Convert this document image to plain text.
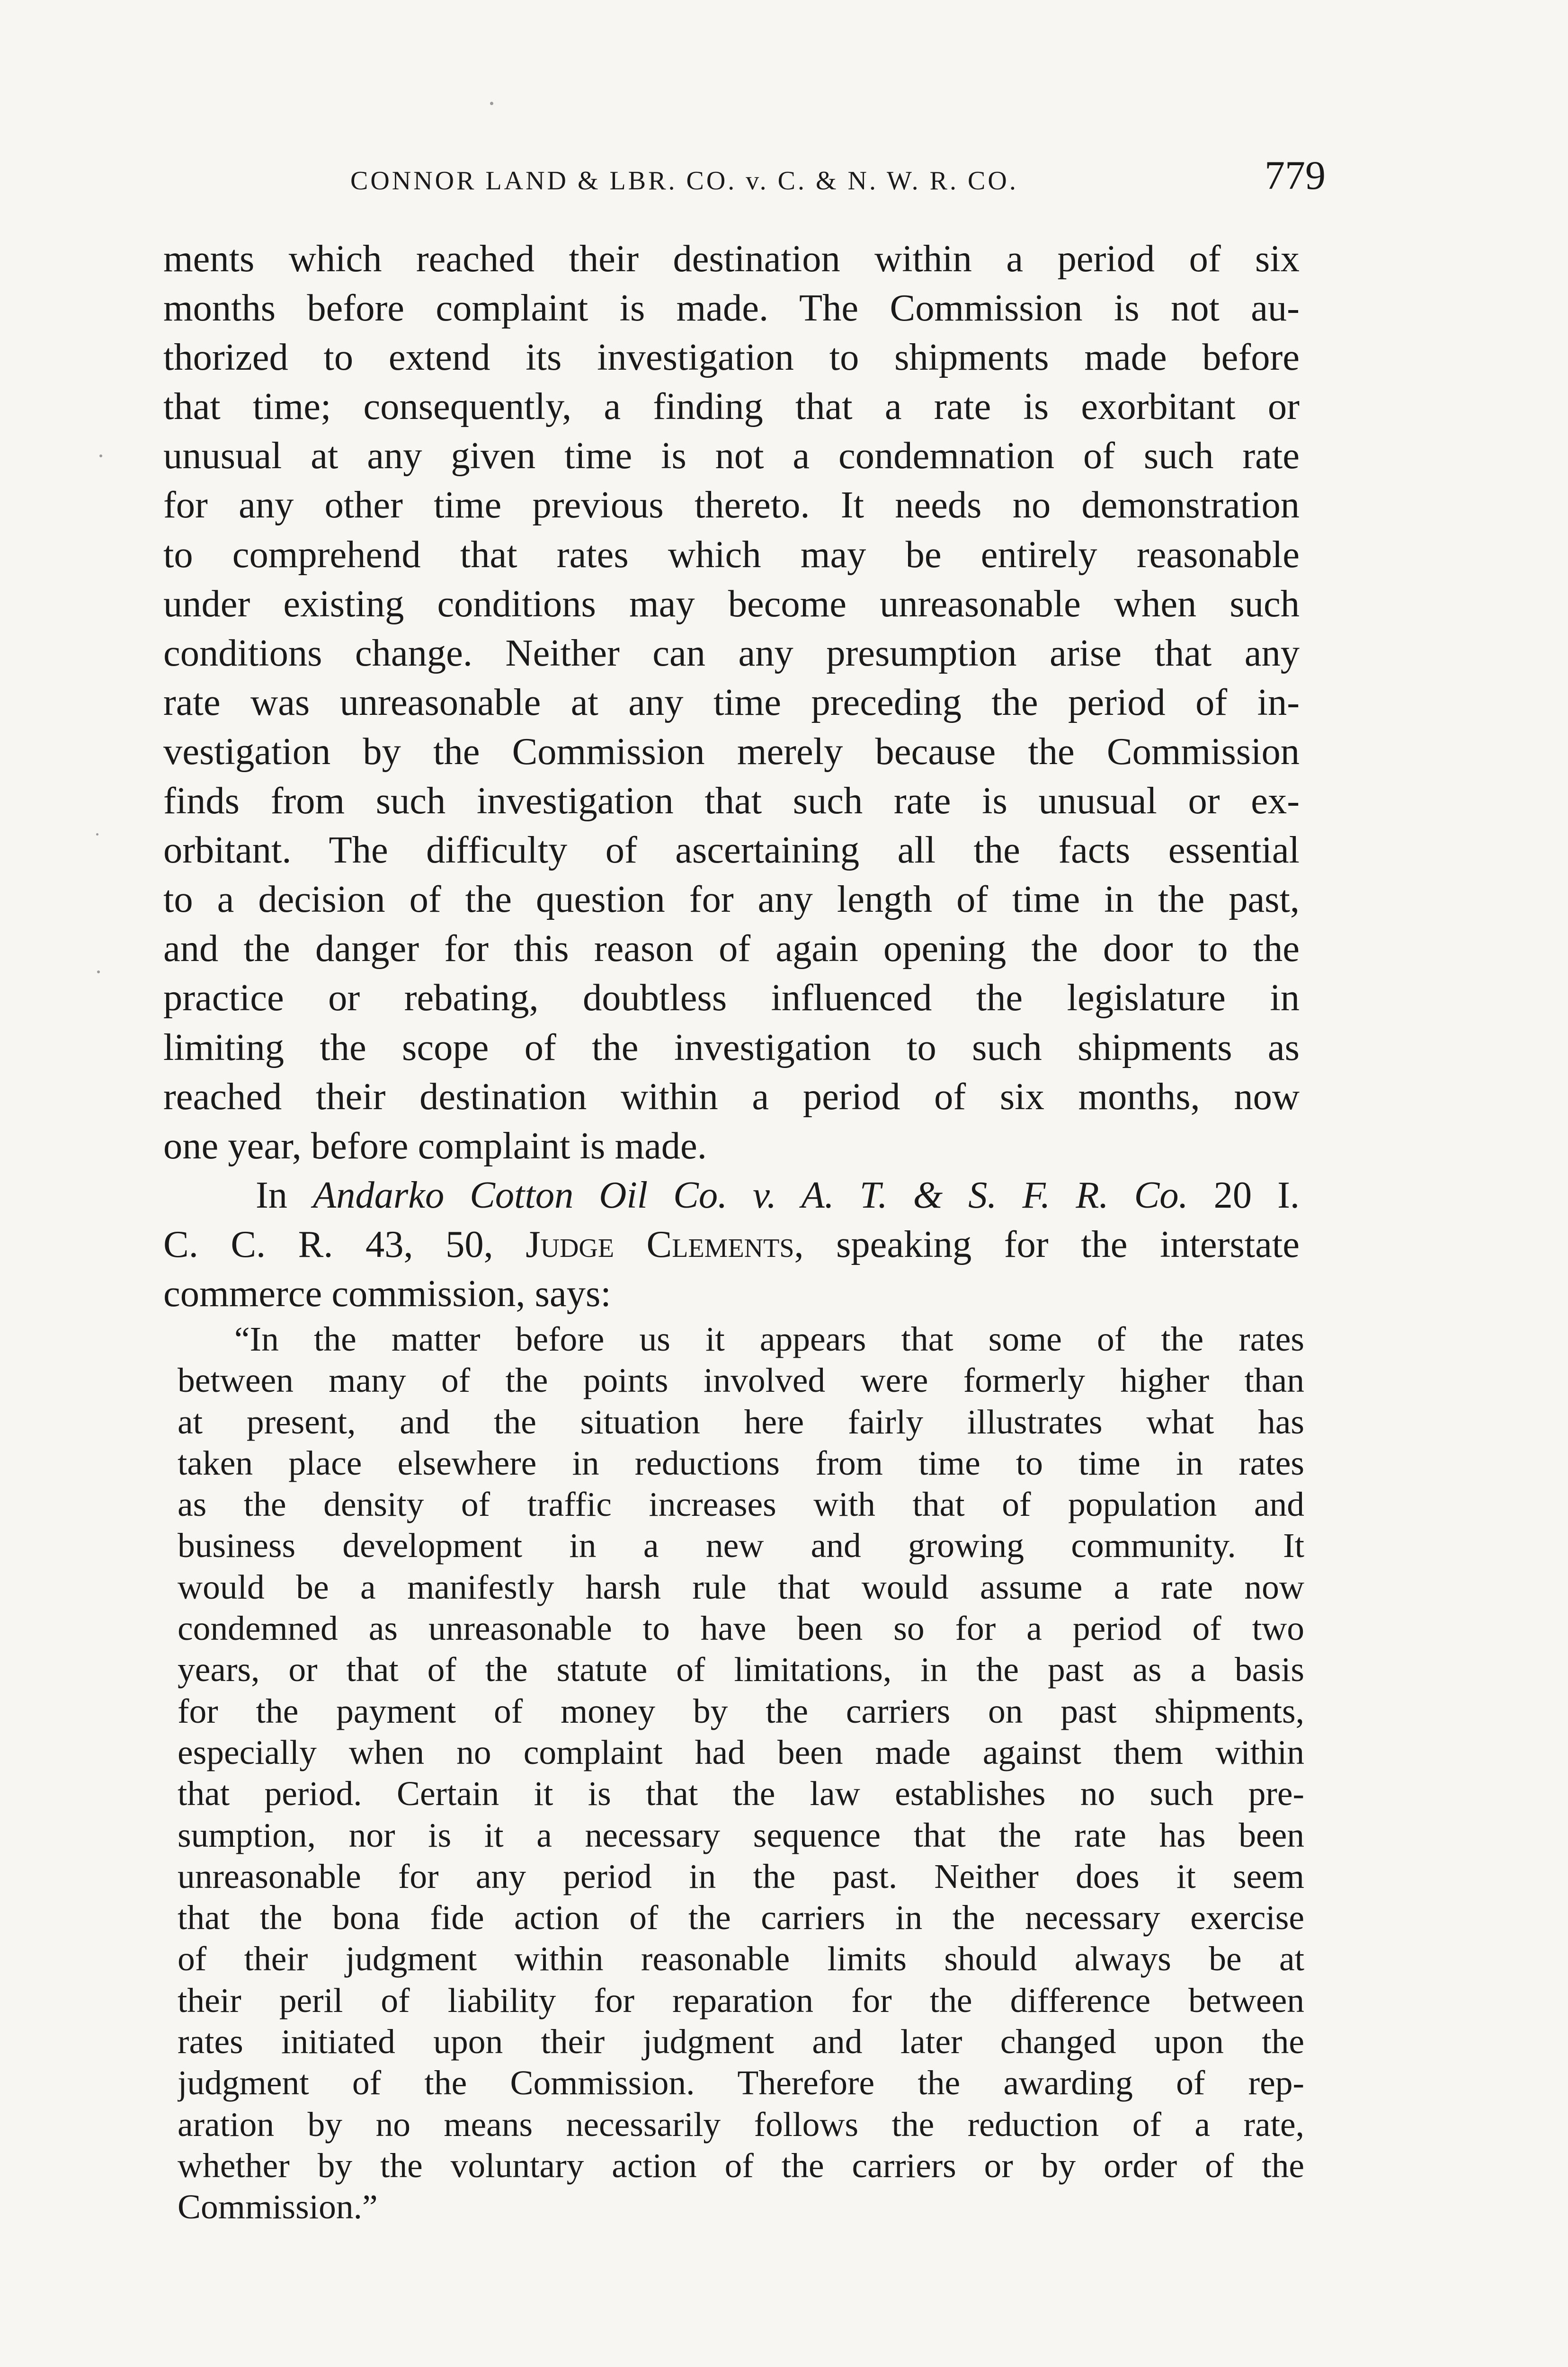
CONNOR LAND & LBR. CO. v. C. & N. W. R. CO.	779
ments which reached their destination within a period of six
months before complaint is made. The Commission is not au-
thorized to extend its investigation to shipments made before
that time; consequently, a finding that a rate is exorbitant or
unusual at any given time is not a condemnation of such rate
for any other time previous thereto. It needs no demonstration
to comprehend that rates which may be entirely reasonable
under existing conditions may become unreasonable when such
conditions change. Neither can any presumption arise that any
rate was unreasonable at any time preceding the period of in-
vestigation by the Commission merely because the Commission
finds from such investigation that such rate is unusual or ex-
orbitant. The difficulty of ascertaining all the facts essential
to a decision of the question for any length of time in the past,
and the danger for this reason of again opening the door to the
practice or rebating, doubtless influenced the legislature in
limiting the scope of the investigation to such shipments as
reached their destination within a period of six months, now
one year, before complaint is made.
In Andarko Cotton Oil Co. v. A. T. & S. F. R. Co. 20 I.
C. C. R. 43, 50, Judge Clements, speaking for the interstate
commerce commission, says:
“In the matter before us it appears that some of the rates
between many of the points involved were formerly higher than
at present, and the situation here fairly illustrates what has
taken place elsewhere in reductions from time to time in rates
as the density of traffic increases with that of population and
business development in a new and growing community. It
would be a manifestly harsh rule that would assume a rate now
condemned as unreasonable to have been so for a period of two
years, or that of the statute of limitations, in the past as a basis
for the payment of money by the carriers on past shipments,
especially when no complaint had been made against them within
that period. Certain it is that the law establishes no such pre-
sumption, nor is it a necessary sequence that the rate has been
unreasonable for any period in the past. Neither does it seem
that the bona fide action of the carriers in the necessary exercise
of their judgment within reasonable limits should always be at
their peril of liability for reparation for the difference between
rates initiated upon their judgment and later changed upon the
judgment of the Commission. Therefore the awarding of rep-
aration by no means necessarily follows the reduction of a rate,
whether by the voluntary action of the carriers or by order of the
Commission.”
